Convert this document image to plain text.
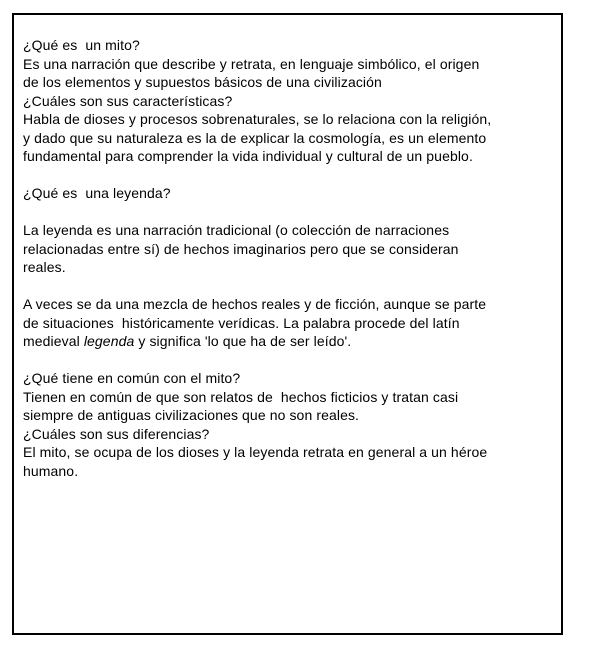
¿Qué es  un mito?
Es una narración que describe y retrata, en lenguaje simbólico, el origen
de los elementos y supuestos básicos de una civilización
¿Cuáles son sus características?
Habla de dioses y procesos sobrenaturales, se lo relaciona con la religión,
y dado que su naturaleza es la de explicar la cosmología, es un elemento
fundamental para comprender la vida individual y cultural de un pueblo.
¿Qué es  una leyenda?
La leyenda es una narración tradicional (o colección de narraciones
relacionadas entre sí) de hechos imaginarios pero que se consideran
reales.
A veces se da una mezcla de hechos reales y de ficción, aunque se parte
de situaciones  históricamente verídicas. La palabra procede del latín
medieval legenda y significa 'lo que ha de ser leído'.
¿Qué tiene en común con el mito?
Tienen en común de que son relatos de  hechos ficticios y tratan casi
siempre de antiguas civilizaciones que no son reales.
¿Cuáles son sus diferencias?
El mito, se ocupa de los dioses y la leyenda retrata en general a un héroe
humano.
